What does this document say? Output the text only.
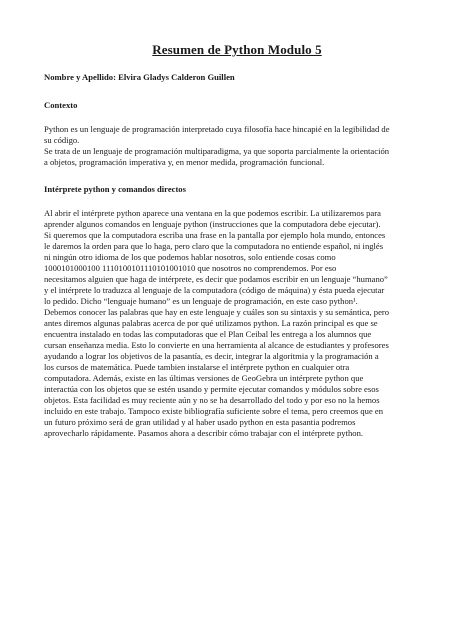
Resumen de Python Modulo 5
Nombre y Apellido: Elvira Gladys Calderon Guillen
Contexto

Python es un lenguaje de programación interpretado cuya filosofía hace hincapié en la legibilidad de

su código.

Se trata de un lenguaje de programación multiparadigma, ya que soporta parcialmente la orientación

a objetos, programación imperativa y, en menor medida, programación funcional.

Intérprete python y comandos directos

Al abrir el intérprete python aparece una ventana en la que podemos escribir. La utilizaremos para

aprender algunos comandos en lenguaje python (instrucciones que la computadora debe ejecutar).

Si queremos que la computadora escriba una frase en la pantalla por ejemplo hola mundo, entonces

le daremos la orden para que lo haga, pero claro que la computadora no entiende español, ni inglés

ni ningún otro idioma de los que podemos hablar nosotros, solo entiende cosas como

1000101000100 1110100101110101001010 que nosotros no comprendemos. Por eso

necesitamos alguien que haga de intérprete, es decir que podamos escribir en un lenguaje “humano”

y el intérprete lo traduzca al lenguaje de la computadora (código de máquina) y ésta pueda ejecutar

lo pedido. Dicho “lenguaje humano” es un lenguaje de programación, en este caso python¹.

Debemos conocer las palabras que hay en este lenguaje y cuáles son su sintaxis y su semántica, pero

antes diremos algunas palabras acerca de por qué utilizamos python. La razón principal es que se

encuentra instalado en todas las computadoras que el Plan Ceibal les entrega a los alumnos que

cursan enseñanza media. Esto lo convierte en una herramienta al alcance de estudiantes y profesores

ayudando a lograr los objetivos de la pasantía, es decir, integrar la algoritmia y la programación a

los cursos de matemática. Puede tambien instalarse el intérprete python en cualquier otra

computadora. Además, existe en las últimas versiones de GeoGebra un intérprete python que

interactúa con los objetos que se estén usando y permite ejecutar comandos y módulos sobre esos

objetos. Esta facilidad es muy reciente aún y no se ha desarrollado del todo y por eso no la hemos

incluido en este trabajo. Tampoco existe bibliografía suficiente sobre el tema, pero creemos que en

un futuro próximo será de gran utilidad y al haber usado python en esta pasantia podremos

aprovecharlo rápidamente. Pasamos ahora a describir cómo trabajar con el intérprete python.
